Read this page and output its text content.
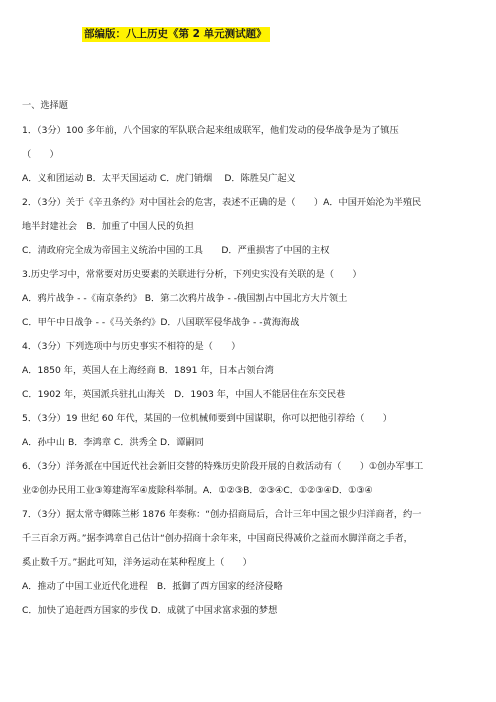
部编版：八上历史《第 2 单元测试题》
一、选择题
1．（3分）100 多年前，八个国家的军队联合起来组成联军，他们发动的侵华战争是为了镇压
（　　）
A．义和团运动 B．太平天国运动 C．虎门销烟　 D．陈胜吴广起义
2．（3分）关于《辛丑条约》对中国社会的危害，表述不正确的是（　　）A．中国开始沦为半殖民
地半封建社会　B．加重了中国人民的负担
C．清政府完全成为帝国主义统治中国的工具　　D．严重损害了中国的主权
3.历史学习中，常常要对历史要素的关联进行分析，下列史实没有关联的是（　　）
A．鸦片战争 - -《南京条约》 B．第二次鸦片战争 - -俄国割占中国北方大片领土
C．甲午中日战争 - -《马关条约》D．八国联军侵华战争 - -黄海海战
4．（3分）下列选项中与历史事实不相符的是（　　）
A．1850 年，英国人在上海经商 B．1891 年，日本占领台湾
C．1902 年，英国派兵驻扎山海关　D．1903 年，中国人不能居住在东交民巷
5．（3分）19 世纪 60 年代，某国的一位机械师要到中国谋职，你可以把他引荐给（　　）
A．孙中山 B．李鸿章 C．洪秀全 D．谭嗣同
6．（3分）洋务派在中国近代社会新旧交替的特殊历史阶段开展的自救活动有（　　）①创办军事工
业②创办民用工业③筹建海军④废除科举制。A．①②③B．②③④C．①②③④D．①③④
7．（3分）据太常寺卿陈兰彬 1876 年奏称：“创办招商局后，合计三年中国之银少归洋商者，约一
千三百余万两。”据李鸿章自己估计“创办招商十余年来，中国商民得减价之益而水脚洋商之手者，
奚止数千万。”据此可知，洋务运动在某种程度上（　　）
A．推动了中国工业近代化进程　B．抵御了西方国家的经济侵略
C．加快了追赶西方国家的步伐 D．成就了中国求富求强的梦想
